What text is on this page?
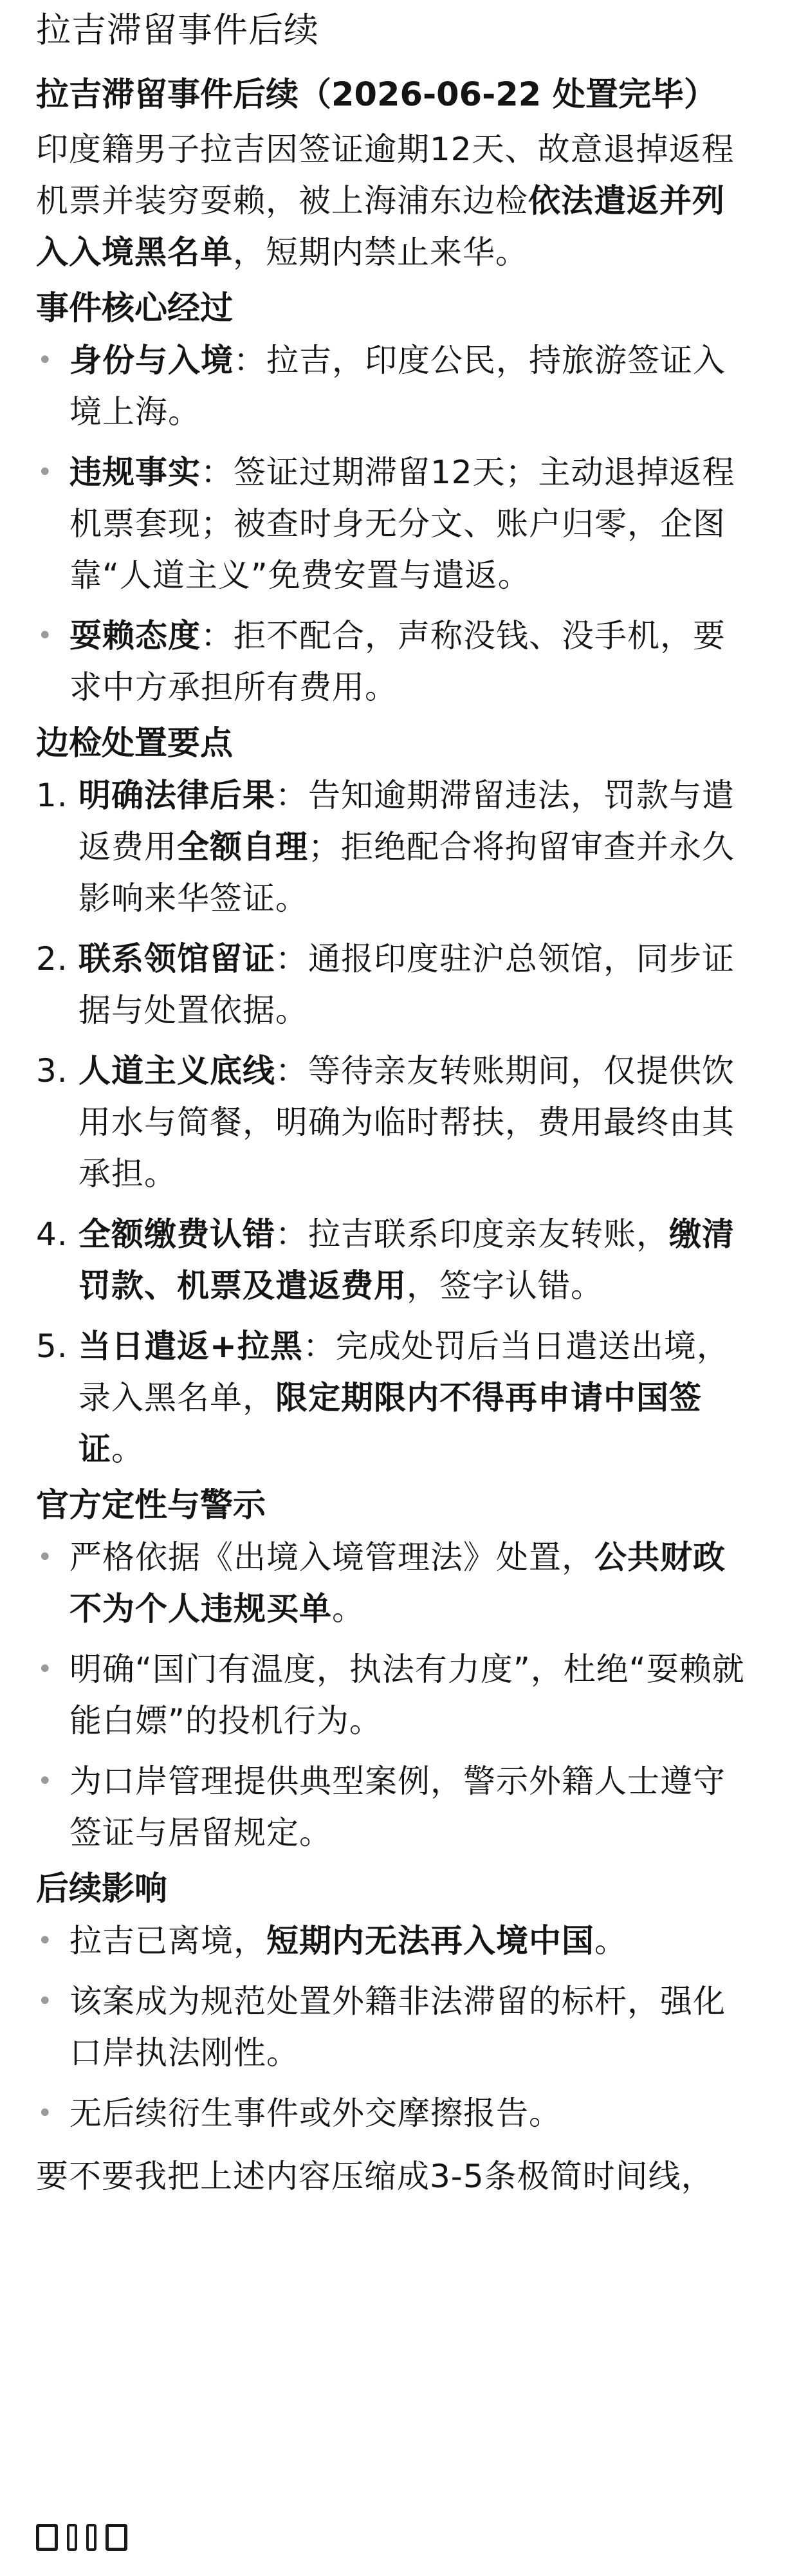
拉吉滞留事件后续
拉吉滞留事件后续（2026-06-22 处置完毕）

印度籍男子拉吉因签证逾期12天、故意退掉返程机票并装穷耍赖，被上海浦东边检依法遣返并列入入境黑名单，短期内禁止来华。

事件核心经过
• 身份与入境：拉吉，印度公民，持旅游签证入境上海。
• 违规事实：签证过期滞留12天；主动退掉返程机票套现；被查时身无分文、账户归零，企图靠“人道主义”免费安置与遣返。
• 耍赖态度：拒不配合，声称没钱、没手机，要求中方承担所有费用。
边检处置要点
1. 明确法律后果：告知逾期滞留违法，罚款与遣返费用全额自理；拒绝配合将拘留审查并永久影响来华签证。
2. 联系领馆留证：通报印度驻沪总领馆，同步证据与处置依据。
3. 人道主义底线：等待亲友转账期间，仅提供饮用水与简餐，明确为临时帮扶，费用最终由其承担。
4. 全额缴费认错：拉吉联系印度亲友转账，缴清罚款、机票及遣返费用，签字认错。
5. 当日遣返+拉黑：完成处罚后当日遣送出境，录入黑名单，限定期限内不得再申请中国签证。
官方定性与警示
• 严格依据《出境入境管理法》处置，公共财政不为个人违规买单。
• 明确“国门有温度，执法有力度”，杜绝“耍赖就能白嫖”的投机行为。
• 为口岸管理提供典型案例，警示外籍人士遵守签证与居留规定。
后续影响
• 拉吉已离境，短期内无法再入境中国。
• 该案成为规范处置外籍非法滞留的标杆，强化口岸执法刚性。
• 无后续衍生事件或外交摩擦报告。

要不要我把上述内容压缩成3-5条极简时间线，
